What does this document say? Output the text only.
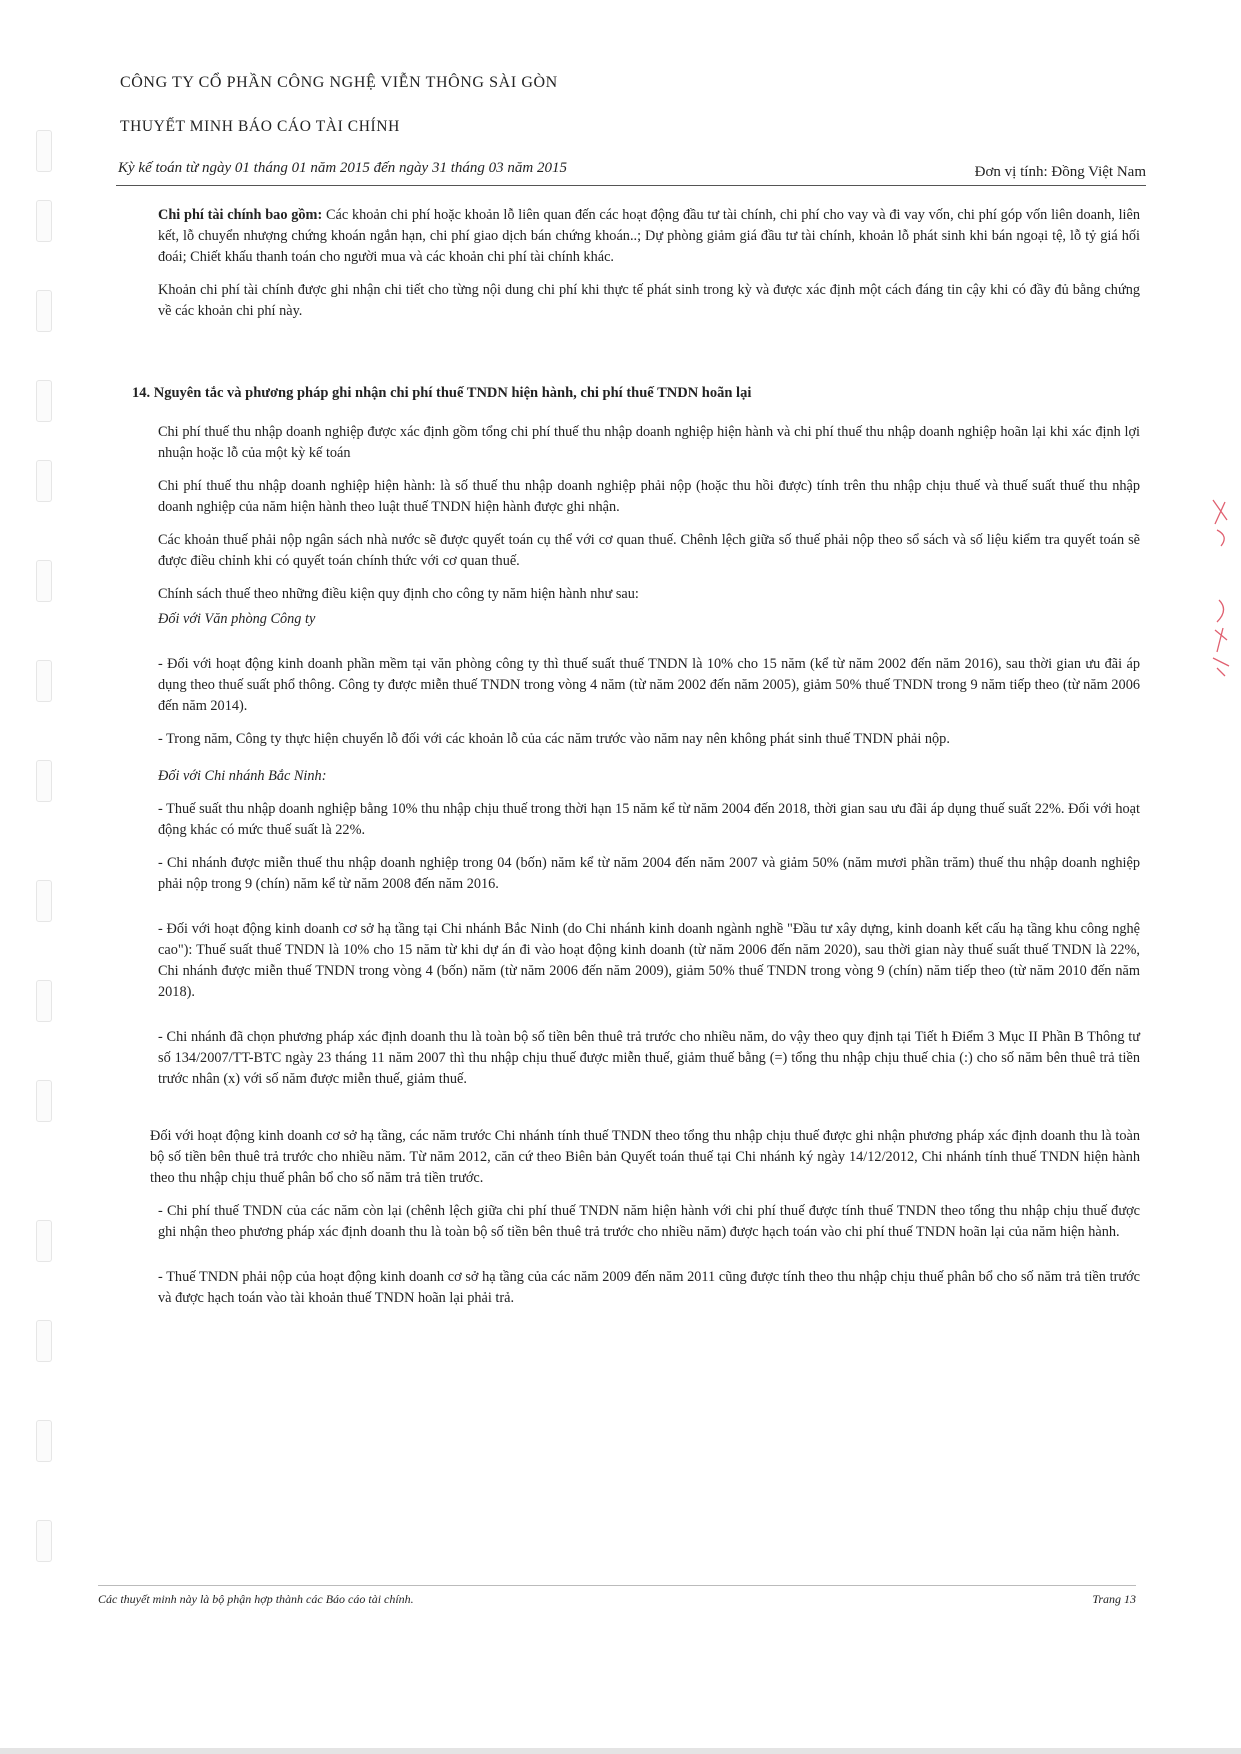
CÔNG TY CỔ PHẦN CÔNG NGHỆ VIỄN THÔNG SÀI GÒN
THUYẾT MINH BÁO CÁO TÀI CHÍNH
Kỳ kế toán từ ngày 01 tháng 01 năm 2015 đến ngày 31 tháng 03 năm 2015	Đơn vị tính: Đồng Việt Nam

Chi phí tài chính bao gồm: Các khoản chi phí hoặc khoản lỗ liên quan đến các hoạt động đầu tư tài chính, chi phí cho vay và đi vay vốn, chi phí góp vốn liên doanh, liên kết, lỗ chuyển nhượng chứng khoán ngắn hạn, chi phí giao dịch bán chứng khoán..; Dự phòng giảm giá đầu tư tài chính, khoản lỗ phát sinh khi bán ngoại tệ, lỗ tỷ giá hối đoái; Chiết khấu thanh toán cho người mua và các khoản chi phí tài chính khác.

Khoản chi phí tài chính được ghi nhận chi tiết cho từng nội dung chi phí khi thực tế phát sinh trong kỳ và được xác định một cách đáng tin cậy khi có đầy đủ bằng chứng về các khoản chi phí này.

14. Nguyên tắc và phương pháp ghi nhận chi phí thuế TNDN hiện hành, chi phí thuế TNDN hoãn lại

Chi phí thuế thu nhập doanh nghiệp được xác định gồm tổng chi phí thuế thu nhập doanh nghiệp hiện hành và chi phí thuế thu nhập doanh nghiệp hoãn lại khi xác định lợi nhuận hoặc lỗ của một kỳ kế toán

Chi phí thuế thu nhập doanh nghiệp hiện hành: là số thuế thu nhập doanh nghiệp phải nộp (hoặc thu hồi được) tính trên thu nhập chịu thuế và thuế suất thuế thu nhập doanh nghiệp của năm hiện hành theo luật thuế TNDN hiện hành được ghi nhận.

Các khoản thuế phải nộp ngân sách nhà nước sẽ được quyết toán cụ thể với cơ quan thuế. Chênh lệch giữa số thuế phải nộp theo sổ sách và số liệu kiểm tra quyết toán sẽ được điều chỉnh khi có quyết toán chính thức với cơ quan thuế.

Chính sách thuế theo những điều kiện quy định cho công ty năm hiện hành như sau:

Đối với Văn phòng Công ty

- Đối với hoạt động kinh doanh phần mềm tại văn phòng công ty thì thuế suất thuế TNDN là 10% cho 15 năm (kể từ năm 2002 đến năm 2016), sau thời gian ưu đãi áp dụng theo thuế suất phổ thông. Công ty được miễn thuế TNDN trong vòng 4 năm (từ năm 2002 đến năm 2005), giảm 50% thuế TNDN trong 9 năm tiếp theo (từ năm 2006 đến năm 2014).

- Trong năm, Công ty thực hiện chuyển lỗ đối với các khoản lỗ của các năm trước vào năm nay nên không phát sinh thuế TNDN phải nộp.

Đối với Chi nhánh Bắc Ninh:

- Thuế suất thu nhập doanh nghiệp bằng 10% thu nhập chịu thuế trong thời hạn 15 năm kể từ năm 2004 đến 2018, thời gian sau ưu đãi áp dụng thuế suất 22%. Đối với hoạt động khác có mức thuế suất là 22%.

- Chi nhánh được miễn thuế thu nhập doanh nghiệp trong 04 (bốn) năm kể từ năm 2004 đến năm 2007 và giảm 50% (năm mươi phần trăm) thuế thu nhập doanh nghiệp phải nộp trong 9 (chín) năm kể từ năm 2008 đến năm 2016.

- Đối với hoạt động kinh doanh cơ sở hạ tầng tại Chi nhánh Bắc Ninh (do Chi nhánh kinh doanh ngành nghề "Đầu tư xây dựng, kinh doanh kết cấu hạ tầng khu công nghệ cao"): Thuế suất thuế TNDN là 10% cho 15 năm từ khi dự án đi vào hoạt động kinh doanh (từ năm 2006 đến năm 2020), sau thời gian này thuế suất thuế TNDN là 22%, Chi nhánh được miễn thuế TNDN trong vòng 4 (bốn) năm (từ năm 2006 đến năm 2009), giảm 50% thuế TNDN trong vòng 9 (chín) năm tiếp theo (từ năm 2010 đến năm 2018).

- Chi nhánh đã chọn phương pháp xác định doanh thu là toàn bộ số tiền bên thuê trả trước cho nhiều năm, do vậy theo quy định tại Tiết h Điểm 3 Mục II Phần B Thông tư số 134/2007/TT-BTC ngày 23 tháng 11 năm 2007 thì thu nhập chịu thuế được miễn thuế, giảm thuế bằng (=) tổng thu nhập chịu thuế chia (:) cho số năm bên thuê trả tiền trước nhân (x) với số năm được miễn thuế, giảm thuế.

Đối với hoạt động kinh doanh cơ sở hạ tầng, các năm trước Chi nhánh tính thuế TNDN theo tổng thu nhập chịu thuế được ghi nhận phương pháp xác định doanh thu là toàn bộ số tiền bên thuê trả trước cho nhiều năm. Từ năm 2012, căn cứ theo Biên bản Quyết toán thuế tại Chi nhánh ký ngày 14/12/2012, Chi nhánh tính thuế TNDN hiện hành theo thu nhập chịu thuế phân bổ cho số năm trả tiền trước.

- Chi phí thuế TNDN của các năm còn lại (chênh lệch giữa chi phí thuế TNDN năm hiện hành với chi phí thuế được tính thuế TNDN theo tổng thu nhập chịu thuế được ghi nhận theo phương pháp xác định doanh thu là toàn bộ số tiền bên thuê trả trước cho nhiều năm) được hạch toán vào chi phí thuế TNDN hoãn lại của năm hiện hành.

- Thuế TNDN phải nộp của hoạt động kinh doanh cơ sở hạ tầng của các năm 2009 đến năm 2011 cũng được tính theo thu nhập chịu thuế phân bổ cho số năm trả tiền trước và được hạch toán vào tài khoản thuế TNDN hoãn lại phải trả.

Các thuyết minh này là bộ phận hợp thành các Báo cáo tài chính.	Trang 13
